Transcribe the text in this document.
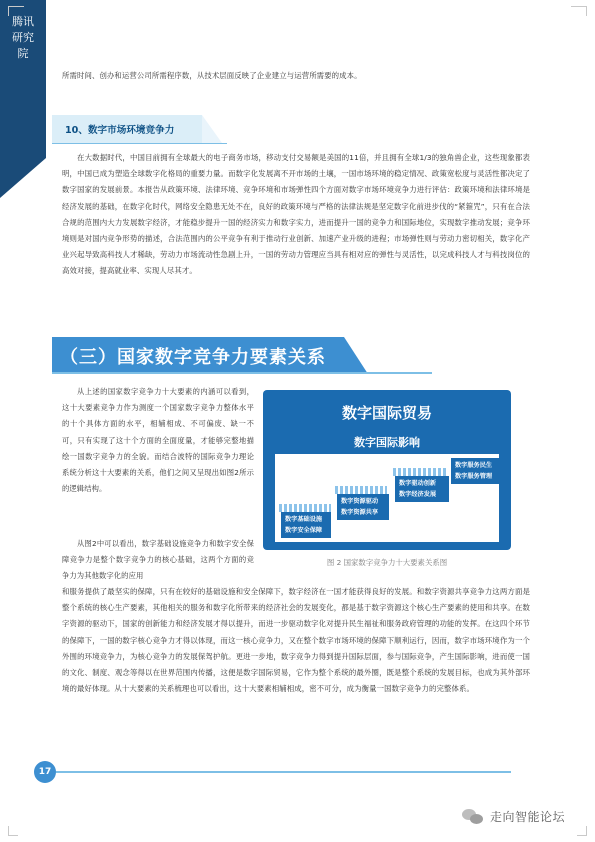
腾讯研究院
所需时间、创办和运营公司所需程序数，从技术层面反映了企业建立与运营所需要的成本。
10、数字市场环境竞争力
在大数据时代，中国目前拥有全球最大的电子商务市场，移动支付交易额是美国的11倍，并且拥有全球1/3的独角兽企业，这些现象都表明，中国已成为塑造全球数字化格局的重要力量。而数字化发展离不开市场的土壤，一国市场环境的稳定情况、政策宽松度与灵活性都决定了数字国家的发展前景。本报告从政策环境、法律环境、竞争环境和市场弹性四个方面对数字市场环境竞争力进行评估：政策环境和法律环境是经济发展的基础，在数字化时代，网络安全隐患无处不在，良好的政策环境与严格的法律法规是坚定数字化前进步伐的“紧箍咒”，只有在合法合规的范围内大力发展数字经济，才能稳步提升一国的经济实力和数字实力，进而提升一国的竞争力和国际地位，实现数字推动发展；竞争环境则是对国内竞争形势的描述，合法范围内的公平竞争有利于推动行业创新、加速产业升级的进程；市场弹性则与劳动力密切相关，数字化产业兴起导致高科技人才稀缺，劳动力市场流动性急剧上升，一国的劳动力管理应当具有相对应的弹性与灵活性，以完成科技人才与科技岗位的高效对接，提高就业率、实现人尽其才。
（三）国家数字竞争力要素关系
从上述的国家数字竞争力十大要素的内涵可以看到，这十大要素竞争力作为测度一个国家数字竞争力整体水平的十个具体方面的水平，相辅相成、不可偏废、缺一不可，只有实现了这十个方面的全面度量，才能够完整地描绘一国数字竞争力的全貌。而结合波特的国际竞争力理论系统分析这十大要素的关系，他们之间又呈现出如图2所示的逻辑结构。
从图2中可以看出，数字基础设施竞争力和数字安全保障竞争力是整个数字竞争力的核心基础，这两个方面的竞争力为其他数字化的应用
和服务提供了最坚实的保障，只有在较好的基础设施和安全保障下，数字经济在一国才能获得良好的发展。和数字资源共享竞争力这两方面是整个系统的核心生产要素，其他相关的服务和数字化所带来的经济社会的发展变化，都是基于数字资源这个核心生产要素的使用和共享。在数字资源的驱动下，国家的创新能力和经济发展才得以提升，而进一步驱动数字化对提升民生福祉和服务政府管理的功能的发挥。在这四个环节的保障下，一国的数字核心竞争力才得以体现，而这一核心竞争力，又在整个数字市场环境的保障下顺利运行，因而，数字市场环境作为一个外围的环境竞争力，为核心竞争力的发展保驾护航。更进一步地，数字竞争力得到提升国际层面，参与国际竞争，产生国际影响，进而使一国的文化、制度、观念等得以在世界范围内传播，这便是数字国际贸易，它作为整个系统的最外圈，既是整个系统的发展目标，也成为其外部环境的最好体现。从十大要素的关系梳理也可以看出，这十大要素相辅相成，密不可分，成为衡量一国数字竞争力的完整体系。
数字国际贸易
数字国际影响
数字基础设施
数字安全保障
数字资源驱动
数字资源共享
数字驱动创新
数字经济发展
数字服务民生
数字服务管理
图 2 国家数字竞争力十大要素关系图
17
走向智能论坛
